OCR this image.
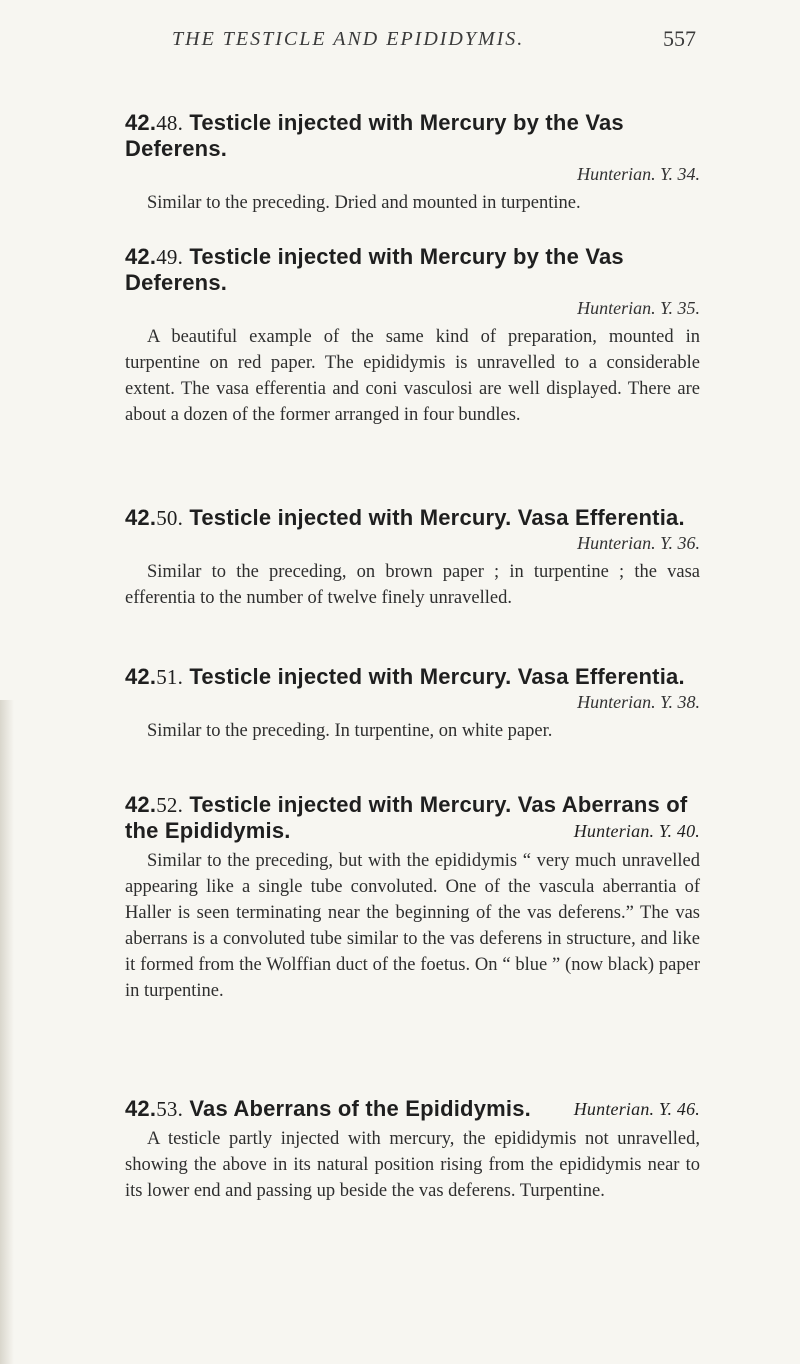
THE TESTICLE AND EPIDIDYMIS.	557
42.48. Testicle injected with Mercury by the Vas Deferens.
Hunterian. Y. 34.
Similar to the preceding. Dried and mounted in turpentine.
42.49. Testicle injected with Mercury by the Vas Deferens.
Hunterian. Y. 35.
A beautiful example of the same kind of preparation, mounted in turpentine on red paper. The epididymis is unravelled to a considerable extent. The vasa efferentia and coni vasculosi are well displayed. There are about a dozen of the former arranged in four bundles.
42.50. Testicle injected with Mercury. Vasa Efferentia.
Hunterian. Y. 36.
Similar to the preceding, on brown paper ; in turpentine ; the vasa efferentia to the number of twelve finely unravelled.
42.51. Testicle injected with Mercury. Vasa Efferentia.
Hunterian. Y. 38.
Similar to the preceding. In turpentine, on white paper.
42.52. Testicle injected with Mercury. Vas Aberrans of the Epididymis.	Hunterian. Y. 40.
Similar to the preceding, but with the epididymis “ very much unravelled appearing like a single tube convoluted. One of the vascula aberrantia of Haller is seen terminating near the beginning of the vas deferens.” The vas aberrans is a convoluted tube similar to the vas deferens in structure, and like it formed from the Wolffian duct of the foetus. On “ blue ” (now black) paper in turpentine.
42.53. Vas Aberrans of the Epididymis. Hunterian. Y. 46.
A testicle partly injected with mercury, the epididymis not unravelled, showing the above in its natural position rising from the epididymis near to its lower end and passing up beside the vas deferens. Turpentine.
